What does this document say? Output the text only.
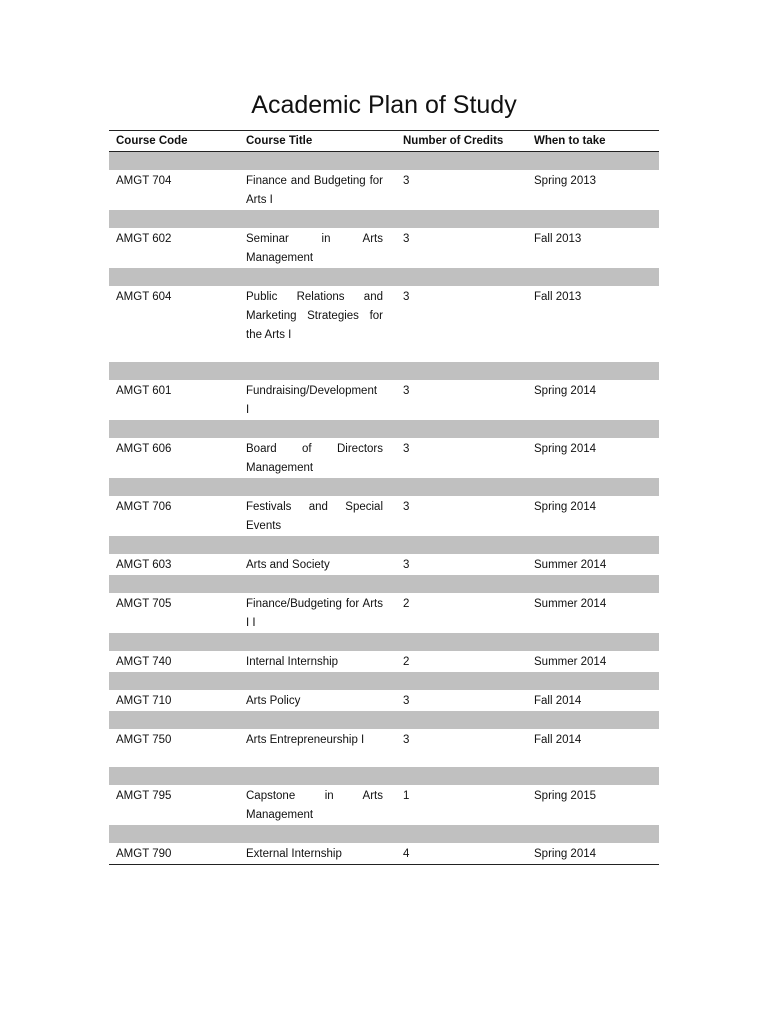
Academic Plan of Study
Course Code	Course Title	Number of Credits	When to take

AMGT 704	Finance and Budgeting for Arts I	3	Spring 2013

AMGT 602	Seminar in Arts Management	3	Fall 2013

AMGT 604	Public Relations and Marketing Strategies for the Arts I	3	Fall 2013

AMGT 601	Fundraising/Development I	3	Spring 2014

AMGT 606	Board of Directors Management	3	Spring 2014

AMGT 706	Festivals and Special Events	3	Spring 2014

AMGT 603	Arts and Society	3	Summer 2014

AMGT 705	Finance/Budgeting for Arts I I	2	Summer 2014

AMGT 740	Internal Internship	2	Summer 2014

AMGT 710	Arts Policy	3	Fall 2014

AMGT 750	Arts Entrepreneurship I	3	Fall 2014

AMGT 795	Capstone in Arts Management	1	Spring 2015

AMGT 790	External Internship	4	Spring 2014
